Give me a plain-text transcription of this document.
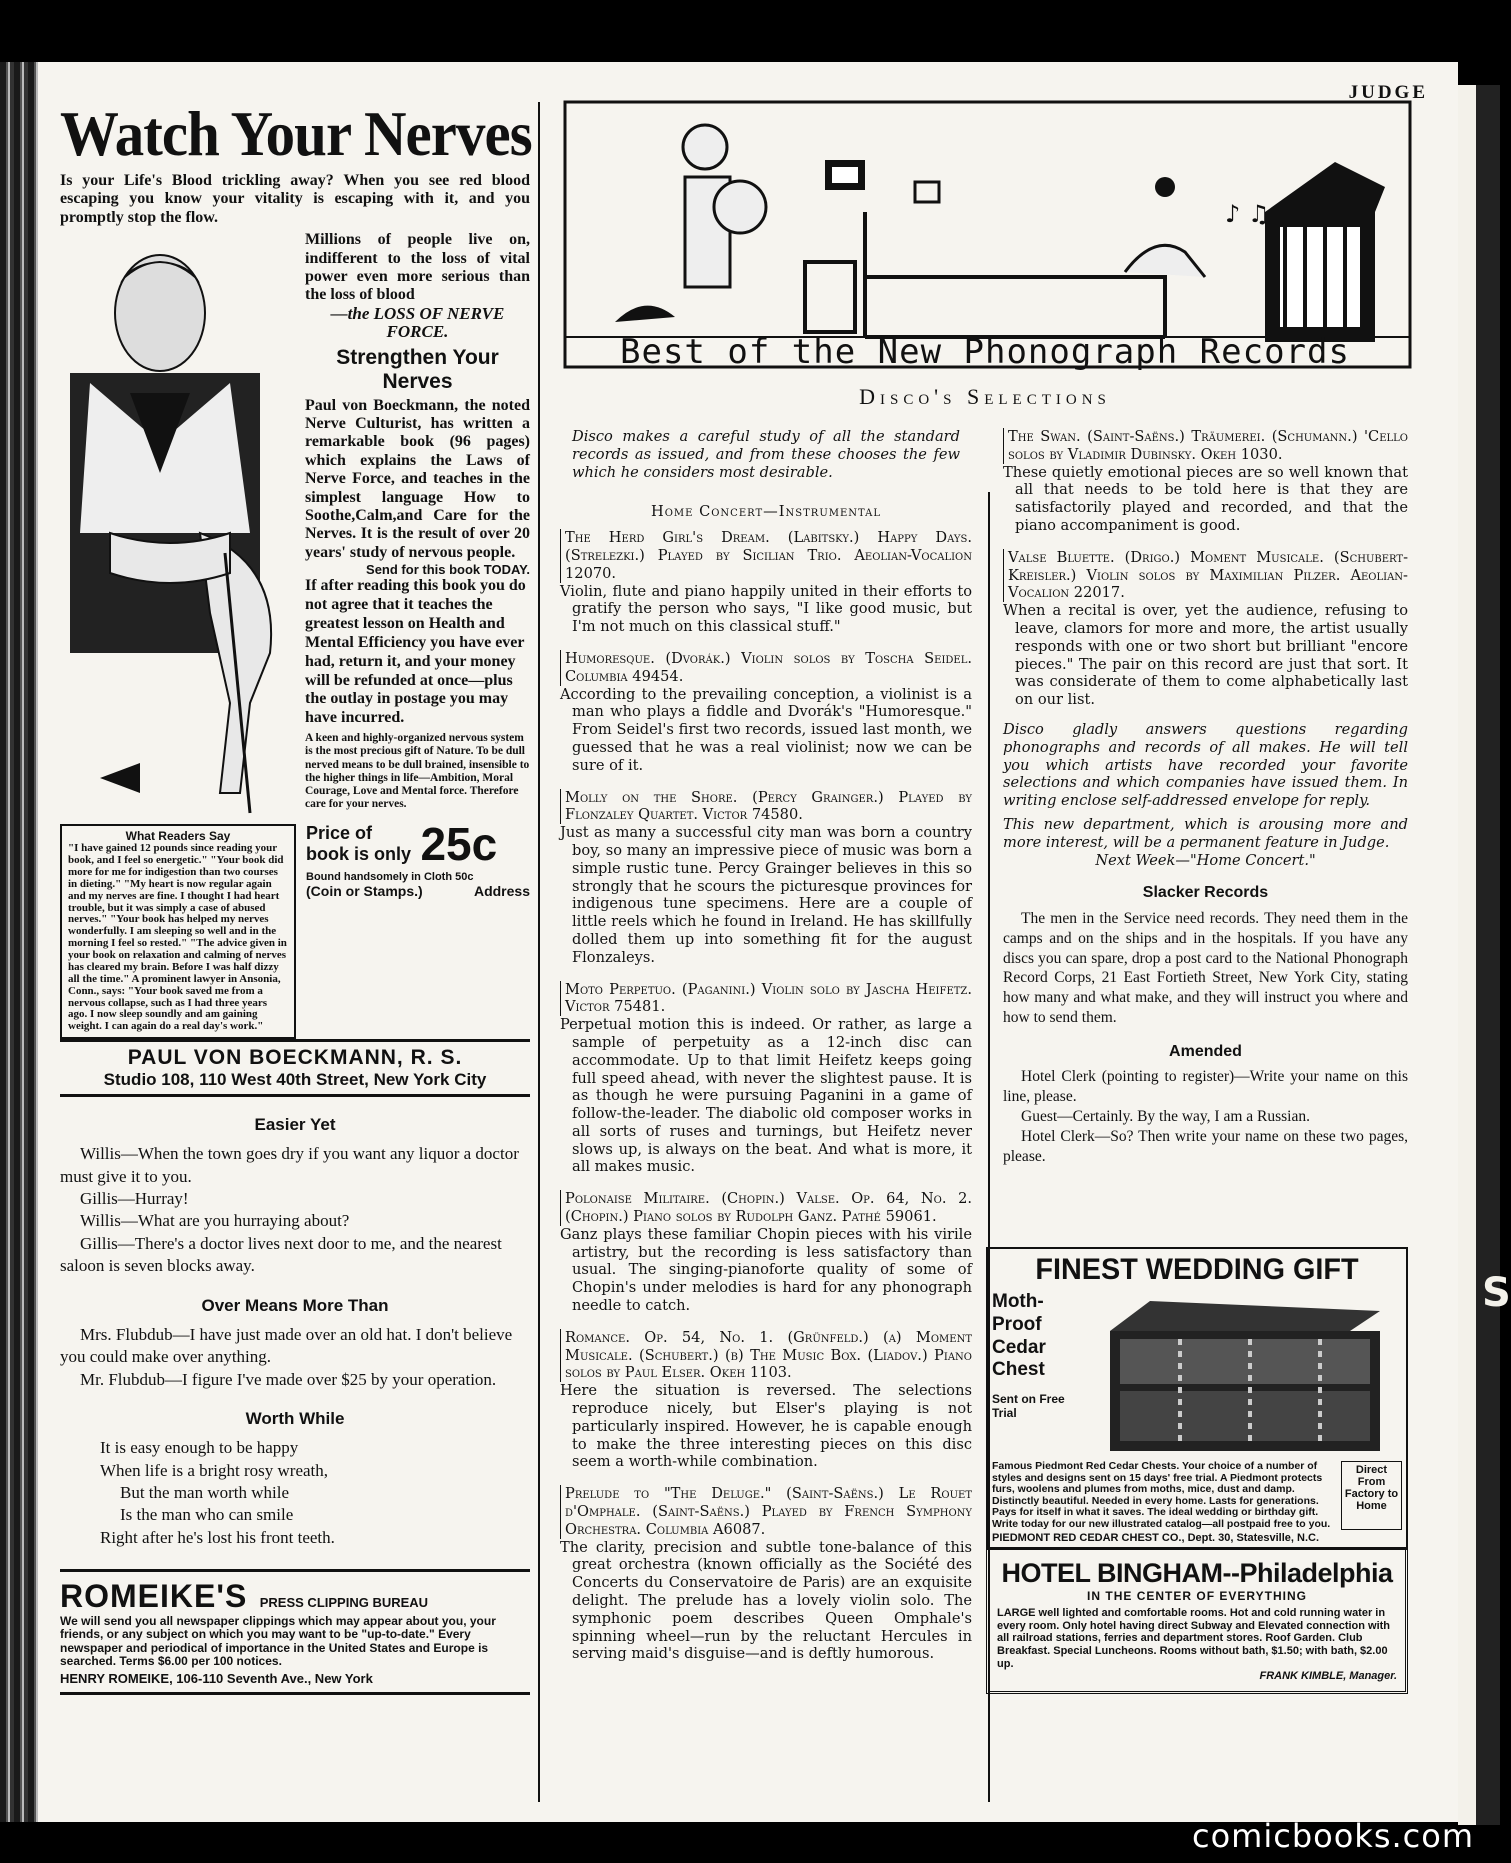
S
JUDGE
Watch Your Nerves
Is your Life's Blood trickling away? When you see red blood escaping you know your vitality is escaping with it, and you promptly stop the flow.
Millions of people live on, indifferent to the loss of vital power even more serious than the loss of blood
—the LOSS OF NERVE FORCE.
Strengthen Your Nerves
Paul von Boeckmann, the noted Nerve Culturist, has written a remarkable book (96 pages) which explains the Laws of Nerve Force, and teaches in the simplest language How to Soothe,Calm,and Care for the Nerves. It is the result of over 20 years' study of nervous people.
Send for this book TODAY.
What Readers Say
"I have gained 12 pounds since reading your book, and I feel so energetic." "Your book did more for me for indigestion than two courses in dieting." "My heart is now regular again and my nerves are fine. I thought I had heart trouble, but it was simply a case of abused nerves." "Your book has helped my nerves wonderfully. I am sleeping so well and in the morning I feel so rested." "The advice given in your book on relaxation and calming of nerves has cleared my brain. Before I was half dizzy all the time." A prominent lawyer in Ansonia, Conn., says: "Your book saved me from a nervous collapse, such as I had three years ago. I now sleep soundly and am gaining weight. I can again do a real day's work."
If after reading this book you do not agree that it teaches the greatest lesson on Health and Mental Efficiency you have ever had, return it, and your money will be refunded at once—plus the outlay in postage you may have incurred.
A keen and highly-organized nervous system is the most precious gift of Nature. To be dull nerved means to be dull brained, insensible to the higher things in life—Ambition, Moral Courage, Love and Mental force. Therefore care for your nerves.
Price of book is only 25c
Bound handsomely in Cloth 50c
(Coin or Stamps.)	Address
PAUL VON BOECKMANN, R. S.
Studio 108, 110 West 40th Street, New York City
Easier Yet

Willis—When the town goes dry if you want any liquor a doctor must give it to you.

Gillis—Hurray!

Willis—What are you hurraying about?

Gillis—There's a doctor lives next door to me, and the nearest saloon is seven blocks away.

Over Means More Than

Mrs. Flubdub—I have just made over an old hat. I don't believe you could make over anything.

Mr. Flubdub—I figure I've made over $25 by your operation.

Worth While
It is easy enough to be happy
When life is a bright rosy wreath,
But the man worth while
Is the man who can smile
Right after he's lost his front teeth.
ROMEIKE'S PRESS CLIPPING BUREAU
We will send you all newspaper clippings which may appear about you, your friends, or any subject on which you may want to be "up-to-date." Every newspaper and periodical of importance in the United States and Europe is searched. Terms $6.00 per 100 notices.
HENRY ROMEIKE, 106-110 Seventh Ave., New York
♪ ♫
Best of the New Phonograph Records
Disco's Selections
Disco makes a careful study of all the standard records as issued, and from these chooses the few which he considers most desirable.
Home Concert—Instrumental
The Herd Girl's Dream. (Labitsky.) Happy Days. (Strelezki.) Played by Sicilian Trio. Aeolian-Vocalion 12070.
Violin, flute and piano happily united in their efforts to gratify the person who says, "I like good music, but I'm not much on this classical stuff."
Humoresque. (Dvorák.) Violin solos by Toscha Seidel. Columbia 49454.
According to the prevailing conception, a violinist is a man who plays a fiddle and Dvorák's "Humoresque." From Seidel's first two records, issued last month, we guessed that he was a real violinist; now we can be sure of it.
Molly on the Shore. (Percy Grainger.) Played by Flonzaley Quartet. Victor 74580.
Just as many a successful city man was born a country boy, so many an impressive piece of music was born a simple rustic tune. Percy Grainger believes in this so strongly that he scours the picturesque provinces for indigenous tune specimens. Here are a couple of little reels which he found in Ireland. He has skillfully dolled them up into something fit for the august Flonzaleys.
Moto Perpetuo. (Paganini.) Violin solo by Jascha Heifetz. Victor 75481.
Perpetual motion this is indeed. Or rather, as large a sample of perpetuity as a 12-inch disc can accommodate. Up to that limit Heifetz keeps going full speed ahead, with never the slightest pause. It is as though he were pursuing Paganini in a game of follow-the-leader. The diabolic old composer works in all sorts of ruses and turnings, but Heifetz never slows up, is always on the beat. And what is more, it all makes music.
Polonaise Militaire. (Chopin.) Valse. Op. 64, No. 2. (Chopin.) Piano solos by Rudolph Ganz. Pathé 59061.
Ganz plays these familiar Chopin pieces with his virile artistry, but the recording is less satisfactory than usual. The singing-pianoforte quality of some of Chopin's under melodies is hard for any phonograph needle to catch.
Romance. Op. 54, No. 1. (Grünfeld.) (a) Moment Musicale. (Schubert.) (b) The Music Box. (Liadov.) Piano solos by Paul Elser. Okeh 1103.
Here the situation is reversed. The selections reproduce nicely, but Elser's playing is not particularly inspired. However, he is capable enough to make the three interesting pieces on this disc seem a worth-while combination.
Prelude to "The Deluge." (Saint-Saëns.) Le Rouet d'Omphale. (Saint-Saëns.) Played by French Symphony Orchestra. Columbia A6087.
The clarity, precision and subtle tone-balance of this great orchestra (known officially as the Société des Concerts du Conservatoire de Paris) are an exquisite delight. The prelude has a lovely violin solo. The symphonic poem describes Queen Omphale's spinning wheel—run by the reluctant Hercules in serving maid's disguise—and is deftly humorous.
The Swan. (Saint-Saëns.) Träumerei. (Schumann.) 'Cello solos by Vladimir Dubinsky. Okeh 1030.
These quietly emotional pieces are so well known that all that needs to be told here is that they are satisfactorily played and recorded, and that the piano accompaniment is good.
Valse Bluette. (Drigo.) Moment Musicale. (Schubert-Kreisler.) Violin solos by Maximilian Pilzer. Aeolian-Vocalion 22017.
When a recital is over, yet the audience, refusing to leave, clamors for more and more, the artist usually responds with one or two short but brilliant "encore pieces." The pair on this record are just that sort. It was considerate of them to come alphabetically last on our list.
Disco gladly answers questions regarding phonographs and records of all makes. He will tell you which artists have recorded your favorite selections and which companies have issued them. In writing enclose self-addressed envelope for reply.
This new department, which is arousing more and more interest, will be a permanent feature in Judge.
Next Week—"Home Concert."
Slacker Records

The men in the Service need records. They need them in the camps and on the ships and in the hospitals. If you have any discs you can spare, drop a post card to the National Phonograph Record Corps, 21 East Fortieth Street, New York City, stating how many and what make, and they will instruct you where and how to send them.

Amended

Hotel Clerk (pointing to register)—Write your name on this line, please.

Guest—Certainly. By the way, I am a Russian.

Hotel Clerk—So? Then write your name on these two pages, please.

FINEST WEDDING GIFT
Moth-Proof Cedar Chest
Sent on Free Trial
Famous Piedmont Red Cedar Chests. Your choice of a number of styles and designs sent on 15 days' free trial. A Piedmont protects furs, woolens and plumes from moths, mice, dust and damp. Distinctly beautiful. Needed in every home. Lasts for generations. Pays for itself in what it saves. The ideal wedding or birthday gift. Write today for our new illustrated catalog—all postpaid free to you.
Direct From Factory to Home
PIEDMONT RED CEDAR CHEST CO., Dept. 30, Statesville, N.C.
HOTEL BINGHAM--Philadelphia
IN THE CENTER OF EVERYTHING
LARGE well lighted and comfortable rooms. Hot and cold running water in every room. Only hotel having direct Subway and Elevated connection with all railroad stations, ferries and department stores. Roof Garden. Club Breakfast. Special Luncheons. Rooms without bath, $1.50; with bath, $2.00 up.
FRANK KIMBLE, Manager.
comicbooks.com
